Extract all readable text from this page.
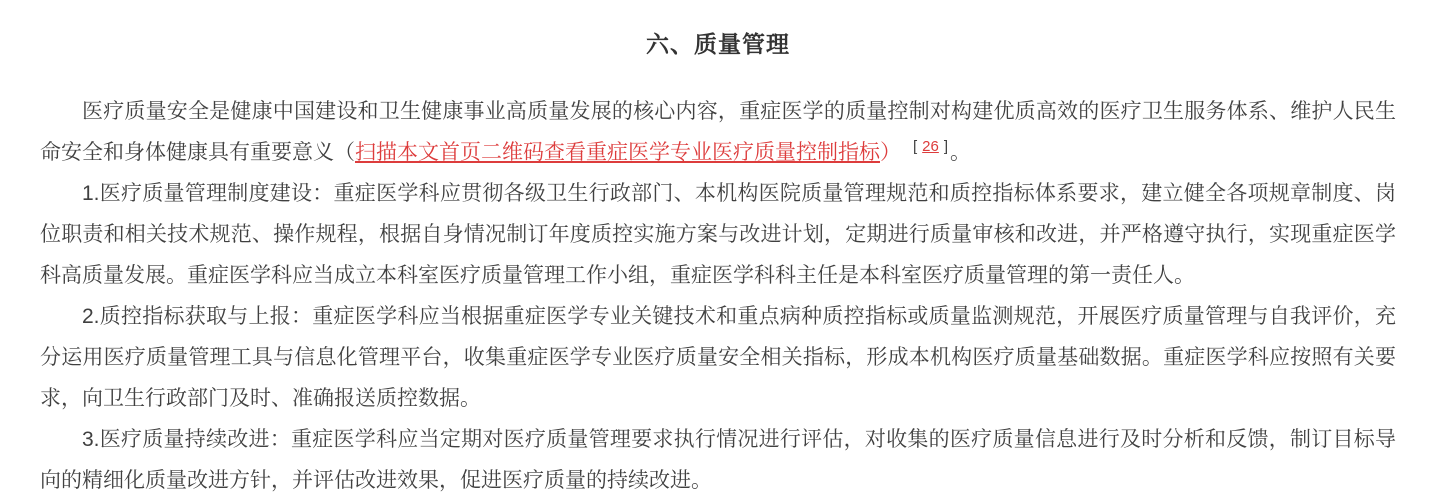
六、质量管理

医疗质量安全是健康中国建设和卫生健康事业高质量发展的核心内容，重症医学的质量控制对构建优质高效的医疗卫生服务体系、维护人民生命安全和身体健康具有重要意义（扫描本文首页二维码查看重症医学专业医疗质量控制指标） [ 26 ]。

1.医疗质量管理制度建设：重症医学科应贯彻各级卫生行政部门、本机构医院质量管理规范和质控指标体系要求，建立健全各项规章制度、岗位职责和相关技术规范、操作规程，根据自身情况制订年度质控实施方案与改进计划，定期进行质量审核和改进，并严格遵守执行，实现重症医学科高质量发展。重症医学科应当成立本科室医疗质量管理工作小组，重症医学科科主任是本科室医疗质量管理的第一责任人。

2.质控指标获取与上报：重症医学科应当根据重症医学专业关键技术和重点病种质控指标或质量监测规范，开展医疗质量管理与自我评价，充分运用医疗质量管理工具与信息化管理平台，收集重症医学专业医疗质量安全相关指标，形成本机构医疗质量基础数据。重症医学科应按照有关要求，向卫生行政部门及时、准确报送质控数据。

3.医疗质量持续改进：重症医学科应当定期对医疗质量管理要求执行情况进行评估，对收集的医疗质量信息进行及时分析和反馈，制订目标导向的精细化质量改进方针，并评估改进效果，促进医疗质量的持续改进。
